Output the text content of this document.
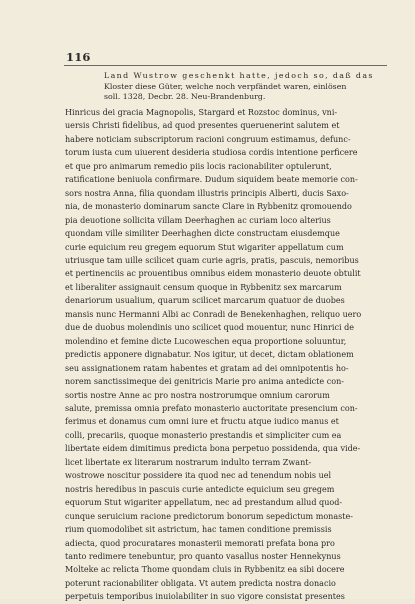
116

Land Wustrow geschenkt hatte, jedoch so, daß das
Kloster diese Güter, welche noch verpfändet waren, einlösen
soll. 1328, Decbr. 28. Neu-Brandenburg.

Hinricus dei gracia Magnopolis, Stargard et Rozstoc dominus, vni-
uersis Christi fidelibus, ad quod presentes queruenerint salutem et
habere noticiam subscriptorum racioni congruum estimamus, defunc-
torum iusta cum uiuerent desideria studiosa cordis intentione perficere
et que pro animarum remedio piis locis racionabiliter optulerunt,
ratificatione beniuola confirmare. Dudum siquidem beate memorie con-
sors nostra Anna, filia quondam illustris principis Alberti, ducis Saxo-
nia, de monasterio dominarum sancte Clare in Rybbenitz qromouendo
pia deuotione sollicita villam Deerhaghen ac curiam loco alterius
quondam ville similiter Deerhaghen dicte constructam eiusdemque
curie equicium reu gregem equorum Stut wigariter appellatum cum
utriusque tam uille scilicet quam curie agris, pratis, pascuis, nemoribus
et pertinenciis ac prouentibus omnibus eidem monasterio deuote obtulit
et liberaliter assignauit censum quoque in Rybbenitz sex marcarum
denariorum usualium, quarum scilicet marcarum quatuor de duobes
mansis nunc Hermanni Albi ac Conradi de Benekenhaghen, reliquo uero
due de duobus molendinis uno scilicet quod mouentur, nunc Hinrici de
molendino et femine dicte Lucoweschen equa proportione soluuntur,
predictis apponere dignabatur. Nos igitur, ut decet, dictam oblationem
seu assignationem ratam habentes et gratam ad dei omnipotentis ho-
norem sanctissimeque dei genitricis Marie pro anima antedicte con-
sortis nostre Anne ac pro nostra nostrorumque omnium carorum
salute, premissa omnia prefato monasterio auctoritate presencium con-
ferimus et donamus cum omni iure et fructu atque iudico manus et
colli, precariis, quoque monasterio prestandis et simpliciter cum ea
libertate eidem dimitimus predicta bona perpetuo possidenda, qua vide-
licet libertate ex literarum nostrarum indulto terram Zwant-
wostrowe noscitur possidere ita quod nec ad tenendum nobis uel
nostris heredibus in pascuis curie antedicte equicium seu gregem
equorum Stut wigariter appellatum, nec ad prestandum allud quod-
cunque seruicium racione predictorum bonorum sepedictum monaste-
rium quomodolibet sit astrictum, hac tamen conditione premissis
adiecta, quod procuratares monasterii memorati prefata bona pro
tanto redimere tenebuntur, pro quanto vasallus noster Hennekynus
Molteke ac relicta Thome quondam cluis in Rybbenitz ea sibi docere
poterunt racionabiliter obligata. Vt autem predicta nostra donacio
perpetuis temporibus inuiolabiliter in suo vigore consistat presentes
